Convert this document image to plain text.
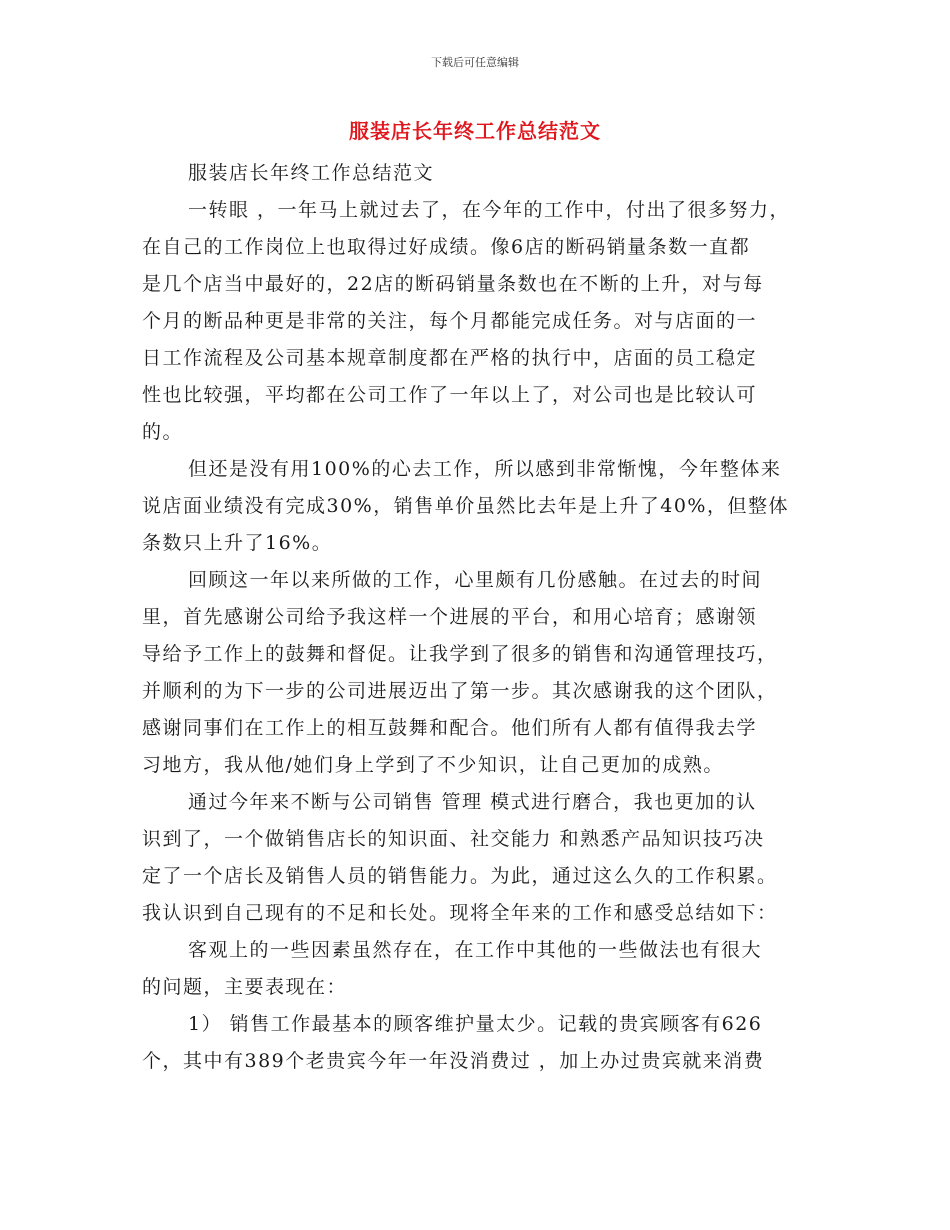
下载后可任意编辑
服装店长年终工作总结范文
服装店长年终工作总结范文
一转眼 ，一年马上就过去了，在今年的工作中，付出了很多努力，
在自己的工作岗位上也取得过好成绩。像6店的断码销量条数一直都
是几个店当中最好的，22店的断码销量条数也在不断的上升，对与每
个月的断品种更是非常的关注，每个月都能完成任务。对与店面的一
日工作流程及公司基本规章制度都在严格的执行中，店面的员工稳定
性也比较强，平均都在公司工作了一年以上了，对公司也是比较认可
的。
但还是没有用100%的心去工作，所以感到非常惭愧，今年整体来
说店面业绩没有完成30%，销售单价虽然比去年是上升了40%，但整体
条数只上升了16%。
回顾这一年以来所做的工作，心里颇有几份感触。在过去的时间
里，首先感谢公司给予我这样一个进展的平台，和用心培育；感谢领
导给予工作上的鼓舞和督促。让我学到了很多的销售和沟通管理技巧，
并顺利的为下一步的公司进展迈出了第一步。其次感谢我的这个团队，
感谢同事们在工作上的相互鼓舞和配合。他们所有人都有值得我去学
习地方，我从他/她们身上学到了不少知识，让自己更加的成熟。
通过今年来不断与公司销售 管理 模式进行磨合，我也更加的认
识到了，一个做销售店长的知识面、社交能力 和熟悉产品知识技巧决
定了一个店长及销售人员的销售能力。为此，通过这么久的工作积累。
我认识到自己现有的不足和长处。现将全年来的工作和感受总结如下：
客观上的一些因素虽然存在，在工作中其他的一些做法也有很大
的问题，主要表现在：
1） 销售工作最基本的顾客维护量太少。记载的贵宾顾客有626
个，其中有389个老贵宾今年一年没消费过 ，加上办过贵宾就来消费
